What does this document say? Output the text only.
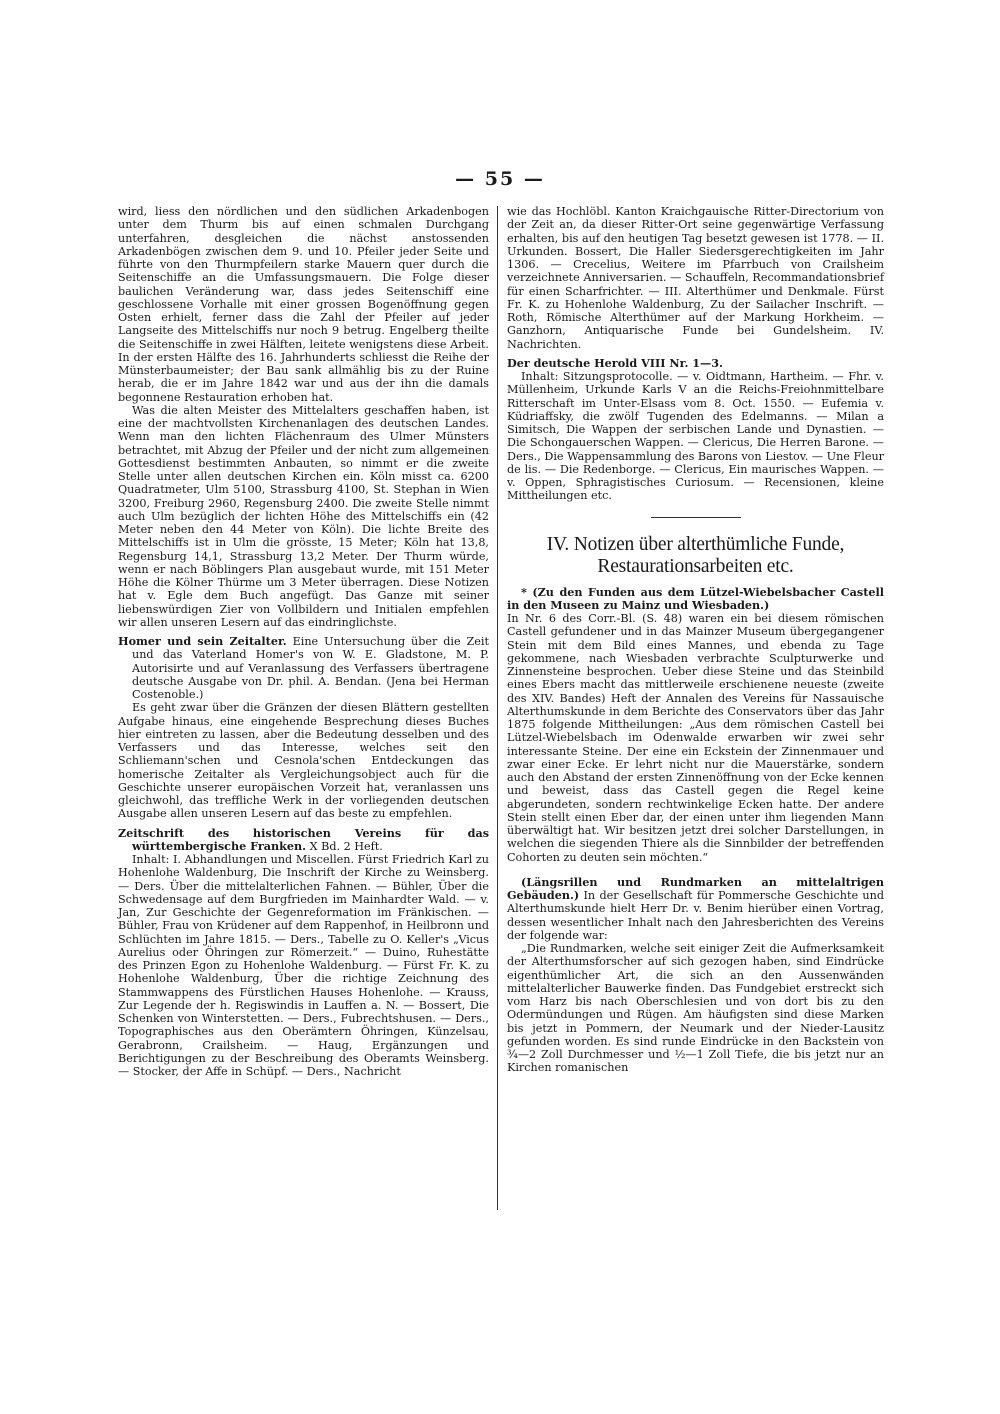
— 55 —

wird, liess den nördlichen und den südlichen Arkadenbogen unter dem Thurm bis auf einen schmalen Durchgang unterfahren, desgleichen die nächst anstossenden Arkadenbögen zwischen dem 9. und 10. Pfeiler jeder Seite und führte von den Thurmpfeilern starke Mauern quer durch die Seitenschiffe an die Umfassungsmauern. Die Folge dieser baulichen Veränderung war, dass jedes Seitenschiff eine geschlossene Vorhalle mit einer grossen Bogenöffnung gegen Osten erhielt, ferner dass die Zahl der Pfeiler auf jeder Langseite des Mittelschiffs nur noch 9 betrug. Engelberg theilte die Seitenschiffe in zwei Hälften, leitete wenigstens diese Arbeit. In der ersten Hälfte des 16. Jahrhunderts schliesst die Reihe der Münsterbaumeister; der Bau sank allmählig bis zu der Ruine herab, die er im Jahre 1842 war und aus der ihn die damals begonnene Restauration erhoben hat.

Was die alten Meister des Mittelalters geschaffen haben, ist eine der machtvollsten Kirchenanlagen des deutschen Landes. Wenn man den lichten Flächenraum des Ulmer Münsters betrachtet, mit Abzug der Pfeiler und der nicht zum allgemeinen Gottesdienst bestimmten Anbauten, so nimmt er die zweite Stelle unter allen deutschen Kirchen ein. Köln misst ca. 6200 Quadratmeter, Ulm 5100, Strassburg 4100, St. Stephan in Wien 3200, Freiburg 2960, Regensburg 2400. Die zweite Stelle nimmt auch Ulm bezüglich der lichten Höhe des Mittelschiffs ein (42 Meter neben den 44 Meter von Köln). Die lichte Breite des Mittelschiffs ist in Ulm die grösste, 15 Meter; Köln hat 13,8, Regensburg 14,1, Strassburg 13,2 Meter. Der Thurm würde, wenn er nach Böblingers Plan ausgebaut wurde, mit 151 Meter Höhe die Kölner Thürme um 3 Meter überragen. Diese Notizen hat v. Egle dem Buch angefügt. Das Ganze mit seiner liebenswürdigen Zier von Vollbildern und Initialen empfehlen wir allen unseren Lesern auf das eindringlichste.

Homer und sein Zeitalter. Eine Untersuchung über die Zeit und das Vaterland Homer's von W. E. Gladstone, M. P. Autorisirte und auf Veranlassung des Verfassers übertragene deutsche Ausgabe von Dr. phil. A. Bendan. (Jena bei Herman Costenoble.)

Es geht zwar über die Gränzen der diesen Blättern gestellten Aufgabe hinaus, eine eingehende Besprechung dieses Buches hier eintreten zu lassen, aber die Bedeutung desselben und des Verfassers und das Interesse, welches seit den Schliemann'schen und Cesnola'schen Entdeckungen das homerische Zeitalter als Vergleichungsobject auch für die Geschichte unserer europäischen Vorzeit hat, veranlassen uns gleichwohl, das treffliche Werk in der vorliegenden deutschen Ausgabe allen unseren Lesern auf das beste zu empfehlen.

Zeitschrift des historischen Vereins für das württembergische Franken. X Bd. 2 Heft.

Inhalt: I. Abhandlungen und Miscellen. Fürst Friedrich Karl zu Hohenlohe Waldenburg, Die Inschrift der Kirche zu Weinsberg. — Ders. Über die mittelalterlichen Fahnen. — Bühler, Über die Schwedensage auf dem Burgfrieden im Mainhardter Wald. — v. Jan, Zur Geschichte der Gegenreformation im Fränkischen. — Bühler, Frau von Krüdener auf dem Rappenhof, in Heilbronn und Schlüchten im Jahre 1815. — Ders., Tabelle zu O. Keller's „Vicus Aurelius oder Öhringen zur Römerzeit.“ — Duino, Ruhestätte des Prinzen Egon zu Hohenlohe Waldenburg. — Fürst Fr. K. zu Hohenlohe Waldenburg, Über die richtige Zeichnung des Stammwappens des Fürstlichen Hauses Hohenlohe. — Krauss, Zur Legende der h. Regiswindis in Lauffen a. N. — Bossert, Die Schenken von Winterstetten. — Ders., Fubrechtshusen. — Ders., Topographisches aus den Oberämtern Öhringen, Künzelsau, Gerabronn, Crailsheim. — Haug, Ergänzungen und Berichtigungen zu der Beschreibung des Oberamts Weinsberg. — Stocker, der Affe in Schüpf. — Ders., Nachricht

wie das Hochlöbl. Kanton Kraichgauische Ritter-Directorium von der Zeit an, da dieser Ritter-Ort seine gegenwärtige Verfassung erhalten, bis auf den heutigen Tag besetzt gewesen ist 1778. — II. Urkunden. Bossert, Die Haller Siedersgerechtigkeiten im Jahr 1306. — Crecelius, Weitere im Pfarrbuch von Crailsheim verzeichnete Anniversarien. — Schauffeln, Recommandationsbrief für einen Scharfrichter. — III. Alterthümer und Denkmale. Fürst Fr. K. zu Hohenlohe Waldenburg, Zu der Sailacher Inschrift. — Roth, Römische Alterthümer auf der Markung Horkheim. — Ganzhorn, Antiquarische Funde bei Gundelsheim. IV. Nachrichten.

Der deutsche Herold VIII Nr. 1—3.

Inhalt: Sitzungsprotocolle. — v. Oidtmann, Hartheim. — Fhr. v. Müllenheim, Urkunde Karls V an die Reichs-Freiohnmittelbare Ritterschaft im Unter-Elsass vom 8. Oct. 1550. — Eufemia v. Küdriaffsky, die zwölf Tugenden des Edelmanns. — Milan a Simitsch, Die Wappen der serbischen Lande und Dynastien. — Die Schongauerschen Wappen. — Clericus, Die Herren Barone. — Ders., Die Wappensammlung des Barons von Liestov. — Une Fleur de lis. — Die Redenborge. — Clericus, Ein maurisches Wappen. — v. Oppen, Sphragistisches Curiosum. — Recensionen, kleine Mittheilungen etc.

IV. Notizen über alterthümliche Funde,
Restaurationsarbeiten etc.

* (Zu den Funden aus dem Lützel-Wiebelsbacher Castell in den Museen zu Mainz und Wiesbaden.)

In Nr. 6 des Corr.-Bl. (S. 48) waren ein bei diesem römischen Castell gefundener und in das Mainzer Museum übergegangener Stein mit dem Bild eines Mannes, und ebenda zu Tage gekommene, nach Wiesbaden verbrachte Sculpturwerke und Zinnensteine besprochen. Ueber diese Steine und das Steinbild eines Ebers macht das mittlerweile erschienene neueste (zweite des XIV. Bandes) Heft der Annalen des Vereins für Nassauische Alterthumskunde in dem Berichte des Conservators über das Jahr 1875 folgende Mittheilungen: „Aus dem römischen Castell bei Lützel-Wiebelsbach im Odenwalde erwarben wir zwei sehr interessante Steine. Der eine ein Eckstein der Zinnenmauer und zwar einer Ecke. Er lehrt nicht nur die Mauerstärke, sondern auch den Abstand der ersten Zinnenöffnung von der Ecke kennen und beweist, dass das Castell gegen die Regel keine abgerundeten, sondern rechtwinkelige Ecken hatte. Der andere Stein stellt einen Eber dar, der einen unter ihm liegenden Mann überwältigt hat. Wir besitzen jetzt drei solcher Darstellungen, in welchen die siegenden Thiere als die Sinnbilder der betreffenden Cohorten zu deuten sein möchten.“

(Längsrillen und Rundmarken an mittelaltrigen Gebäuden.) In der Gesellschaft für Pommersche Geschichte und Alterthumskunde hielt Herr Dr. v. Benim hierüber einen Vortrag, dessen wesentlicher Inhalt nach den Jahresberichten des Vereins der folgende war:

„Die Rundmarken, welche seit einiger Zeit die Aufmerksamkeit der Alterthumsforscher auf sich gezogen haben, sind Eindrücke eigenthümlicher Art, die sich an den Aussenwänden mittelalterlicher Bauwerke finden. Das Fundgebiet erstreckt sich vom Harz bis nach Oberschlesien und von dort bis zu den Odermündungen und Rügen. Am häufigsten sind diese Marken bis jetzt in Pommern, der Neumark und der Nieder-Lausitz gefunden worden. Es sind runde Eindrücke in den Backstein von ¾—2 Zoll Durchmesser und ½—1 Zoll Tiefe, die bis jetzt nur an Kirchen romanischen
